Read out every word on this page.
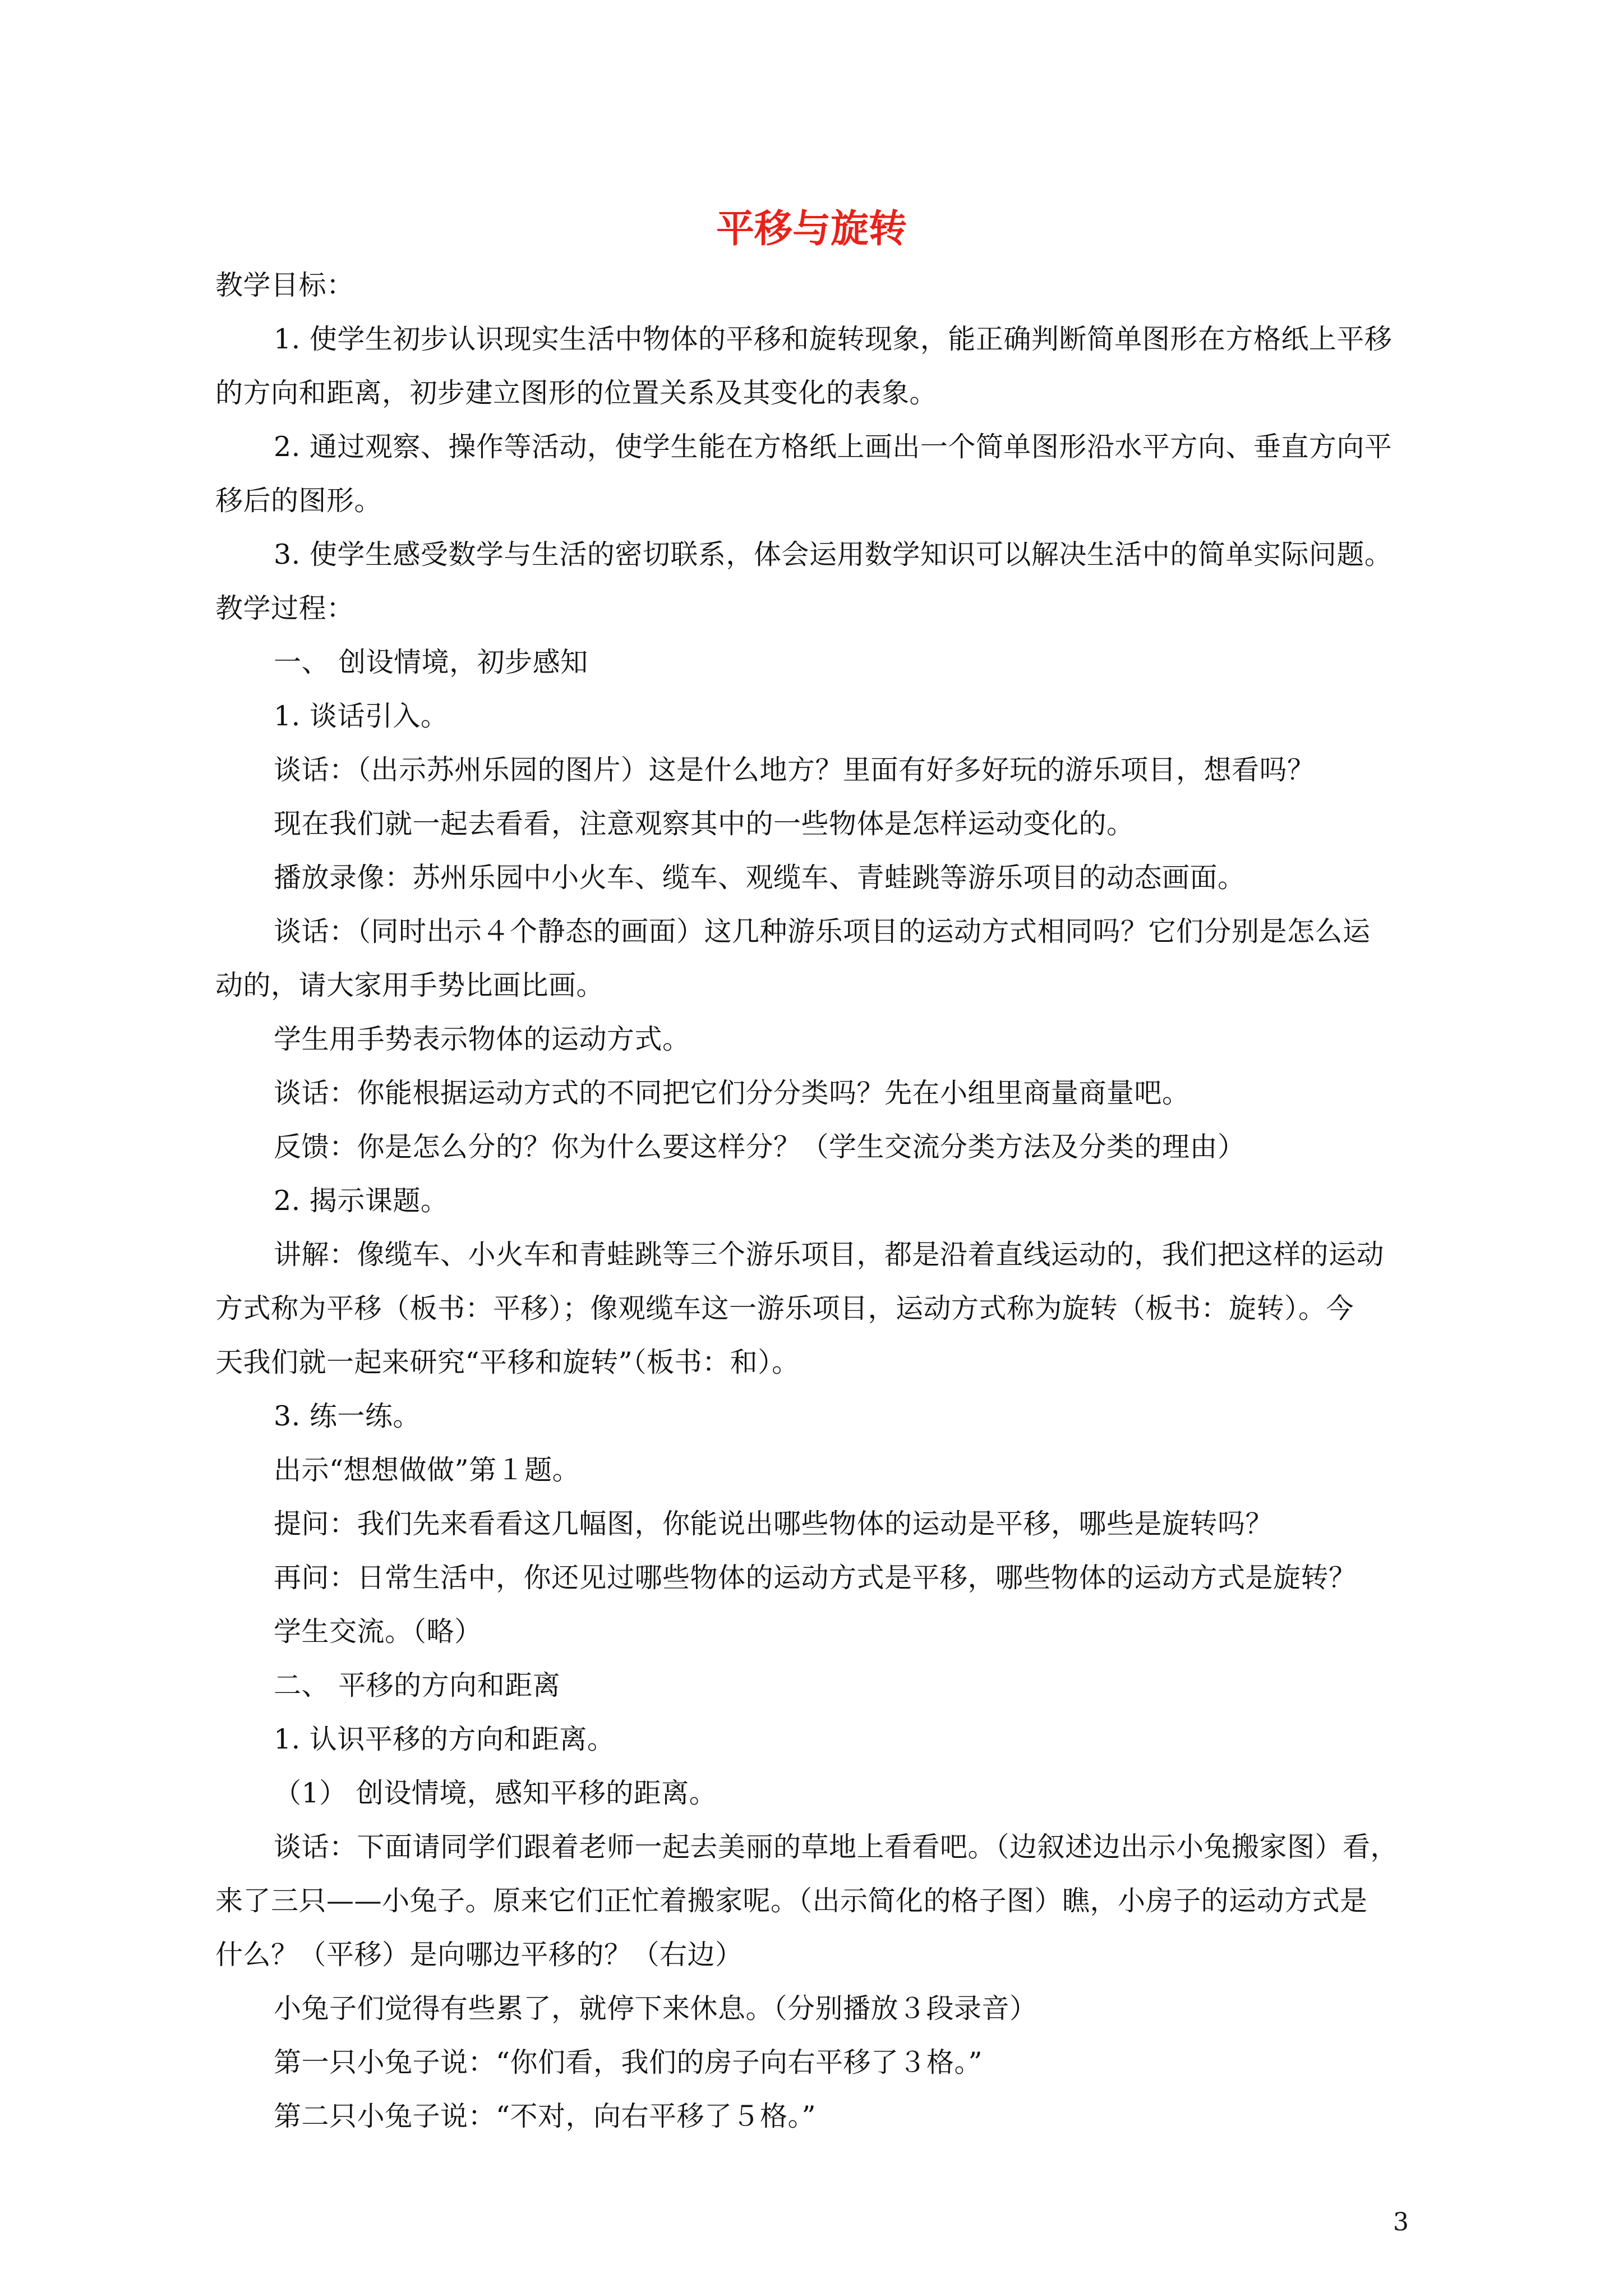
平移与旋转
教学目标：
1. 使学生初步认识现实生活中物体的平移和旋转现象，能正确判断简单图形在方格纸上平移
的方向和距离，初步建立图形的位置关系及其变化的表象。
2. 通过观察、操作等活动，使学生能在方格纸上画出一个简单图形沿水平方向、垂直方向平
移后的图形。
3. 使学生感受数学与生活的密切联系，体会运用数学知识可以解决生活中的简单实际问题。
教学过程：
一、 创设情境，初步感知
1. 谈话引入。
谈话：（出示苏州乐园的图片）这是什么地方？里面有好多好玩的游乐项目，想看吗？
现在我们就一起去看看，注意观察其中的一些物体是怎样运动变化的。
播放录像：苏州乐园中小火车、缆车、观缆车、青蛙跳等游乐项目的动态画面。
谈话：（同时出示４个静态的画面）这几种游乐项目的运动方式相同吗？它们分别是怎么运
动的，请大家用手势比画比画。
学生用手势表示物体的运动方式。
谈话：你能根据运动方式的不同把它们分分类吗？先在小组里商量商量吧。
反馈：你是怎么分的？你为什么要这样分？（学生交流分类方法及分类的理由）
2. 揭示课题。
讲解：像缆车、小火车和青蛙跳等三个游乐项目，都是沿着直线运动的，我们把这样的运动
方式称为平移（板书：平移）；像观缆车这一游乐项目，运动方式称为旋转（板书：旋转）。今
天我们就一起来研究“平移和旋转”（板书：和）。
3. 练一练。
出示“想想做做”第１题。
提问：我们先来看看这几幅图，你能说出哪些物体的运动是平移，哪些是旋转吗？
再问：日常生活中，你还见过哪些物体的运动方式是平移，哪些物体的运动方式是旋转？
学生交流。（略）
二、 平移的方向和距离
1. 认识平移的方向和距离。
（1） 创设情境，感知平移的距离。
谈话：下面请同学们跟着老师一起去美丽的草地上看看吧。（边叙述边出示小兔搬家图）看，
来了三只——小兔子。原来它们正忙着搬家呢。（出示简化的格子图）瞧，小房子的运动方式是
什么？（平移）是向哪边平移的？（右边）
小兔子们觉得有些累了，就停下来休息。（分别播放３段录音）
第一只小兔子说：“你们看，我们的房子向右平移了３格。”
第二只小兔子说：“不对，向右平移了５格。”
3
